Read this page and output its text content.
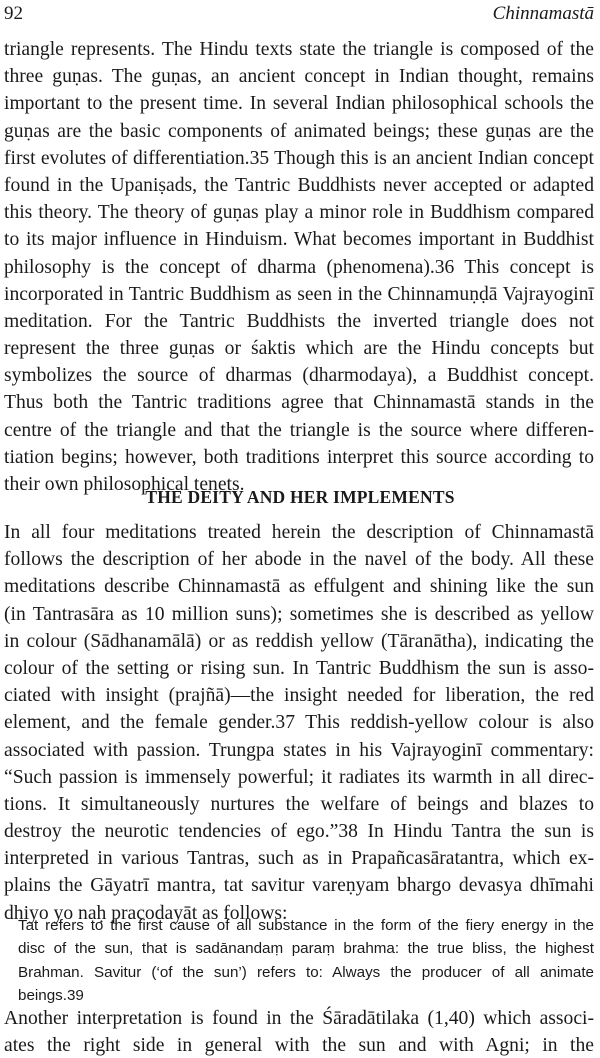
92	Chinnamastā
triangle represents. The Hindu texts state the triangle is composed of the
three guṇas. The guṇas, an ancient concept in Indian thought, remains
important to the present time. In several Indian philosophical schools the
guṇas are the basic components of animated beings; these guṇas are the
first evolutes of differentiation.35 Though this is an ancient Indian concept
found in the Upaniṣads, the Tantric Buddhists never accepted or adapted
this theory. The theory of guṇas play a minor role in Buddhism compared
to its major influence in Hinduism. What becomes important in Buddhist
philosophy is the concept of dharma (phenomena).36 This concept is
incorporated in Tantric Buddhism as seen in the Chinnamuṇḍā Vajrayoginī
meditation. For the Tantric Buddhists the inverted triangle does not
represent the three guṇas or śaktis which are the Hindu concepts but
symbolizes the source of dharmas (dharmodaya), a Buddhist concept.
Thus both the Tantric traditions agree that Chinnamastā stands in the
centre of the triangle and that the triangle is the source where differen-
tiation begins; however, both traditions interpret this source according to
their own philosophical tenets.
THE DEITY AND HER IMPLEMENTS
In all four meditations treated herein the description of Chinnamastā
follows the description of her abode in the navel of the body. All these
meditations describe Chinnamastā as effulgent and shining like the sun
(in Tantrasāra as 10 million suns); sometimes she is described as yellow
in colour (Sādhanamālā) or as reddish yellow (Tāranātha), indicating the
colour of the setting or rising sun. In Tantric Buddhism the sun is asso-
ciated with insight (prajñā)—the insight needed for liberation, the red
element, and the female gender.37 This reddish-yellow colour is also
associated with passion. Trungpa states in his Vajrayoginī commentary:
“Such passion is immensely powerful; it radiates its warmth in all direc-
tions. It simultaneously nurtures the welfare of beings and blazes to
destroy the neurotic tendencies of ego.”38 In Hindu Tantra the sun is
interpreted in various Tantras, such as in Prapañcasāratantra, which ex-
plains the Gāyatrī mantra, tat savitur vareṇyam bhargo devasya dhīmahi
dhiyo yo naḥ pracodayāt as follows:
Tat refers to the first cause of all substance in the form of the fiery energy in the
disc of the sun, that is sadānandaṃ paraṃ brahma: the true bliss, the highest
Brahman. Savitur (‘of the sun’) refers to: Always the producer of all animate
beings.39
Another interpretation is found in the Śāradātilaka (1,40) which associ-
ates the right side in general with the sun and with Agni; in the
